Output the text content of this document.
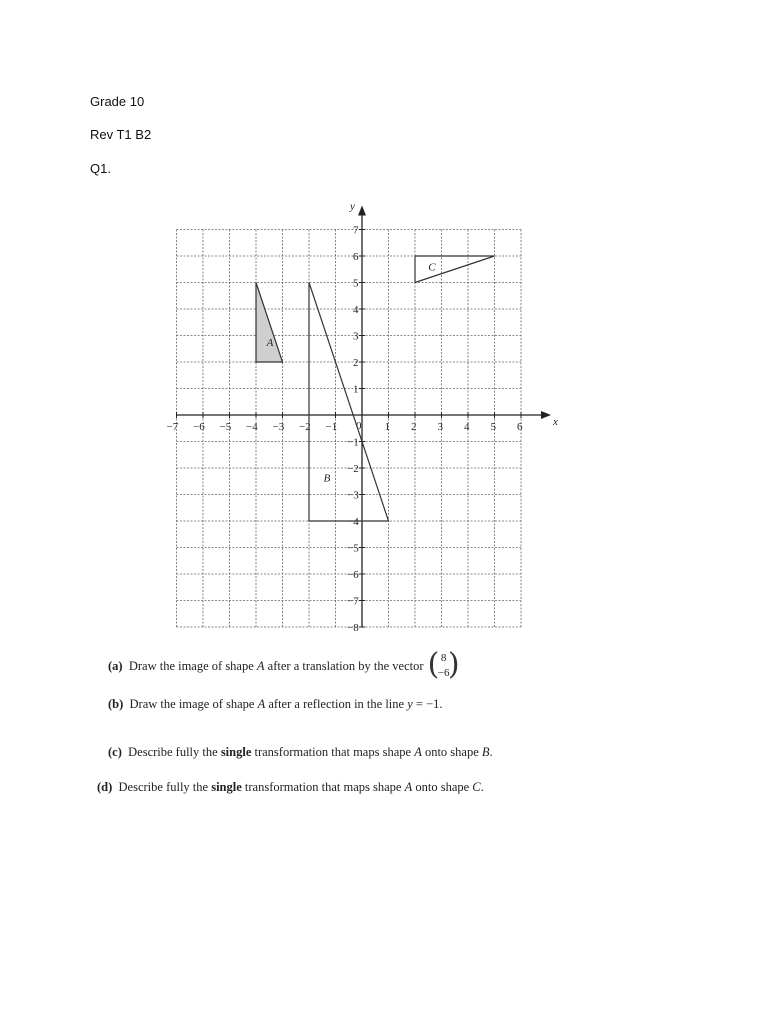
Grade 10
Rev T1 B2
Q1.
x
y
−7 −6 −5 −4 −3 −2 −1	1 2 3 4 5 6
7
6
5
4
3
2
1
−1
−2
−3
−4
−5
−6
−7
−8
0
A
B
C
(a) Draw the image of shape A after a translation by the vector ( 8
−6
)
(b) Draw the image of shape A after a reflection in the line y = −1.
(c) Describe fully the single transformation that maps shape A onto shape B.
(d) Describe fully the single transformation that maps shape A onto shape C.
